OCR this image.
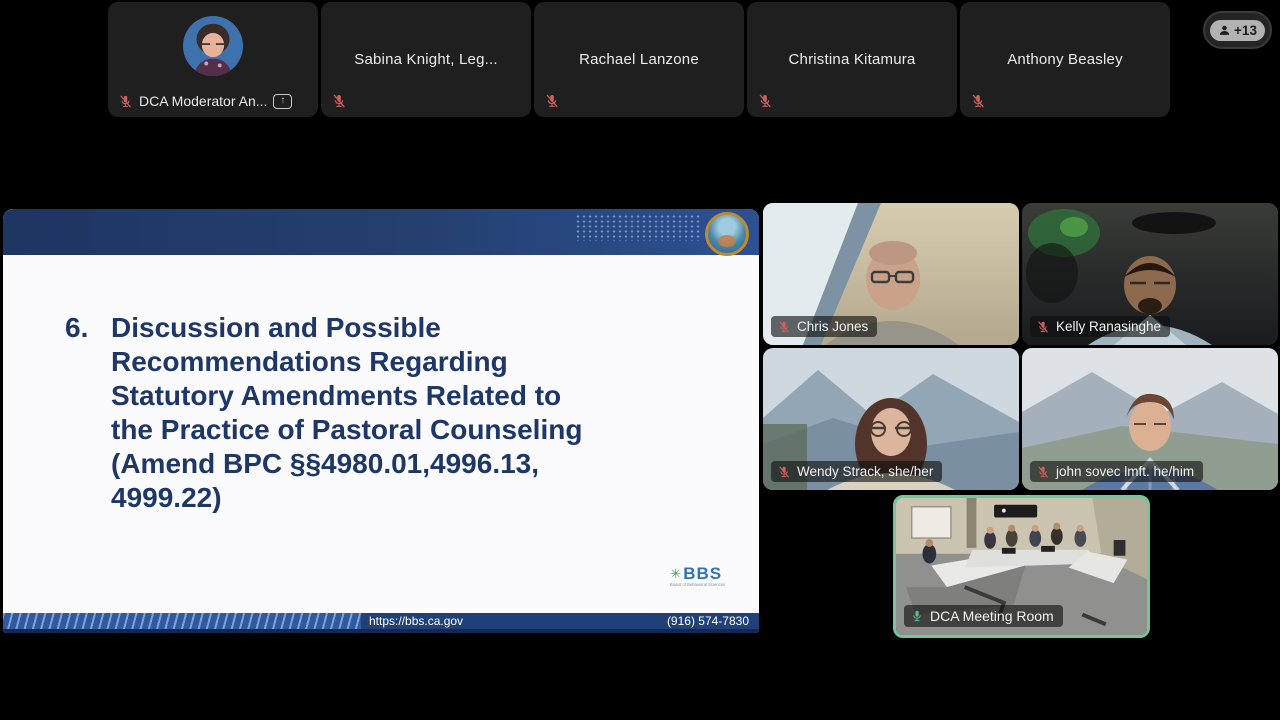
DCA Moderator An...	↑
Sabina Knight, Leg...	Rachael Lanzone	Christina Kitamura	Anthony Beasley
+13
6. Discussion and Possible
Recommendations Regarding
Statutory Amendments Related to
the Practice of Pastoral Counseling
(Amend BPC §§4980.01,4996.13,
4999.22)
✳ BBS
Board of Behavioral Sciences
https://bbs.ca.gov	(916) 574-7830
Chris Jones	Kelly Ranasinghe
Wendy Strack, she/her	john sovec lmft. he/him
DCA Meeting Room
